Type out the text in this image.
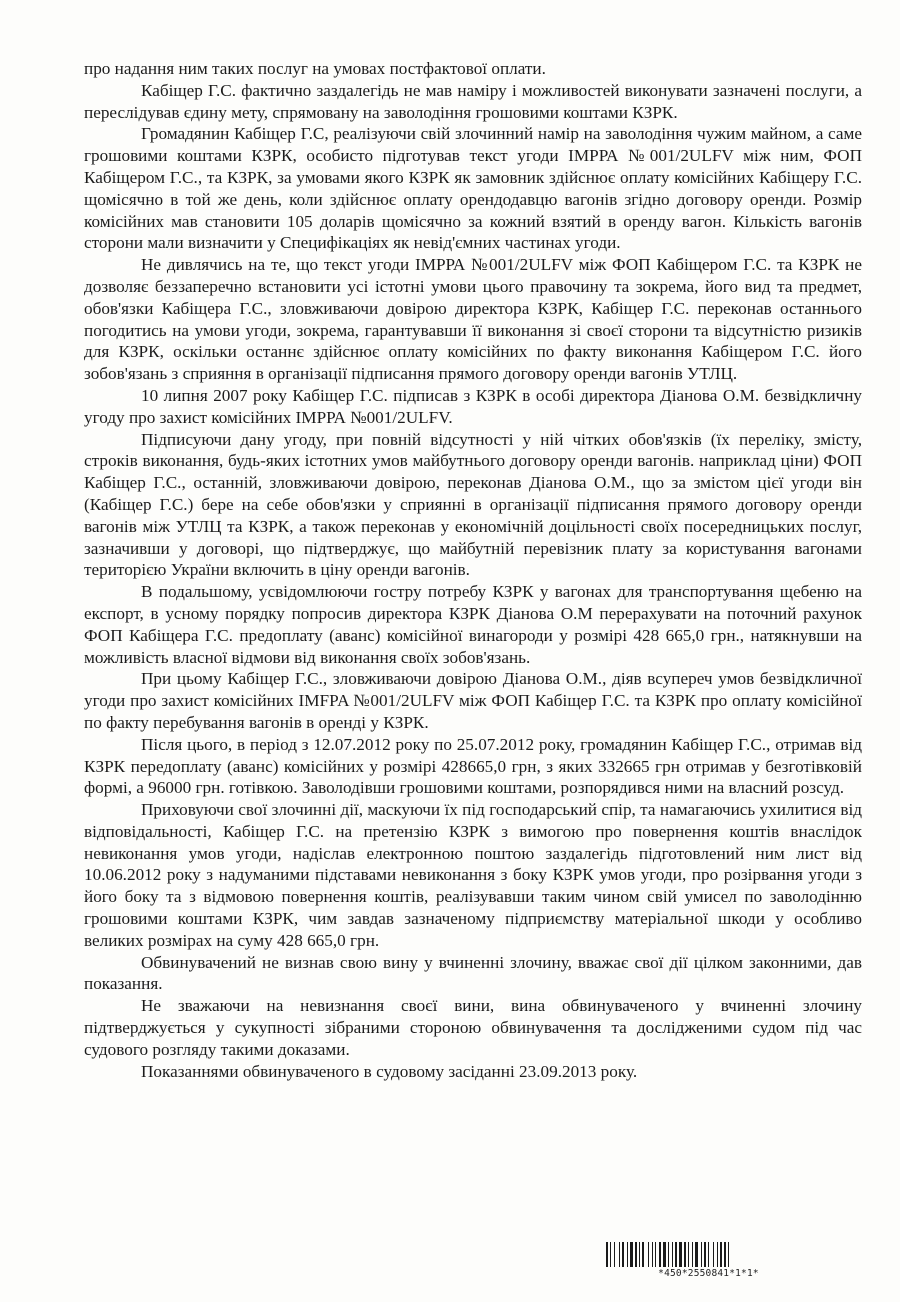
про надання ним таких послуг на умовах постфактової оплати.

Кабіщер Г.С. фактично заздалегідь не мав наміру і можливостей виконувати зазначені послуги, а переслідував єдину мету, спрямовану на заволодіння грошовими коштами КЗРК.

Громадянин Кабіщер Г.С, реалізуючи свій злочинний намір на заволодіння чужим майном, а саме грошовими коштами КЗРК, особисто підготував текст угоди ІМРРА №001/2ULFV між ним, ФОП Кабіщером Г.С., та КЗРК, за умовами якого КЗРК як замовник здійснює оплату комісійних Кабіщеру Г.С. щомісячно в той же день, коли здійснює оплату орендодавцю вагонів згідно договору оренди. Розмір комісійних мав становити 105 доларів щомісячно за кожний взятий в оренду вагон. Кількість вагонів сторони мали визначити у Специфікаціях як невід'ємних частинах угоди.

Не дивлячись на те, що текст угоди ІМРРА №001/2ULFV між ФОП Кабіщером Г.С. та КЗРК не дозволяє беззаперечно встановити усі істотні умови цього правочину та зокрема, його вид та предмет, обов'язки Кабіщера Г.С., зловживаючи довірою директора КЗРК, Кабіщер Г.С. переконав останнього погодитись на умови угоди, зокрема, гарантувавши її виконання зі своєї сторони та відсутністю ризиків для КЗРК, оскільки останнє здійснює оплату комісійних по факту виконання Кабіщером Г.С. його зобов'язань з сприяння в організації підписання прямого договору оренди вагонів УТЛЦ.

10 липня 2007 року Кабіщер Г.С. підписав з КЗРК в особі директора Діанова О.М. безвідкличну угоду про захист комісійних ІМРРА №001/2ULFV.

Підписуючи дану угоду, при повній відсутності у ній чітких обов'язків (їх переліку, змісту, строків виконання, будь-яких істотних умов майбутнього договору оренди вагонів. наприклад ціни) ФОП Кабіщер Г.С., останній, зловживаючи довірою, переконав Діанова О.М., що за змістом цієї угоди він (Кабіщер Г.С.) бере на себе обов'язки у сприянні в організації підписання прямого договору оренди вагонів між УТЛЦ та КЗРК, а також переконав у економічній доцільності своїх посередницьких послуг, зазначивши у договорі, що підтверджує, що майбутній перевізник плату за користування вагонами територією України включить в ціну оренди вагонів.

В подальшому, усвідомлюючи гостру потребу КЗРК у вагонах для транспортування щебеню на експорт, в усному порядку попросив директора КЗРК Діанова О.М перерахувати на поточний рахунок ФОП Кабіщера Г.С. предоплату (аванс) комісійної винагороди у розмірі 428 665,0 грн., натякнувши на можливість власної відмови від виконання своїх зобов'язань.

При цьому Кабіщер Г.С., зловживаючи довірою Діанова О.М., діяв всупереч умов безвідкличної угоди про захист комісійних IMFPA №001/2ULFV між ФОП Кабіщер Г.С. та КЗРК про оплату комісійної по факту перебування вагонів в оренді у КЗРК.

Після цього, в період з 12.07.2012 року по 25.07.2012 року, громадянин Кабіщер Г.С., отримав від КЗРК передоплату (аванс) комісійних у розмірі 428665,0 грн, з яких 332665 грн отримав у безготівковій формі, а 96000 грн. готівкою. Заволодівши грошовими коштами, розпорядився ними на власний розсуд.

Приховуючи свої злочинні дії, маскуючи їх під господарський спір, та намагаючись ухилитися від відповідальності, Кабіщер Г.С. на претензію КЗРК з вимогою про повернення коштів внаслідок невиконання умов угоди, надіслав електронною поштою заздалегідь підготовлений ним лист від 10.06.2012 року з надуманими підставами невиконання з боку КЗРК умов угоди, про розірвання угоди з його боку та з відмовою повернення коштів, реалізувавши таким чином свій умисел по заволодінню грошовими коштами КЗРК, чим завдав зазначеному підприємству матеріальної шкоди у особливо великих розмірах на суму 428 665,0 грн.

Обвинувачений не визнав свою вину у вчиненні злочину, вважає свої дії цілком законними, дав показання.

Не зважаючи на невизнання своєї вини, вина обвинуваченого у вчиненні злочину підтверджується у сукупності зібраними стороною обвинувачення та дослідженими судом під час судового розгляду такими доказами.

Показаннями обвинуваченого в судовому засіданні 23.09.2013 року.

*450*2550841*1*1*
